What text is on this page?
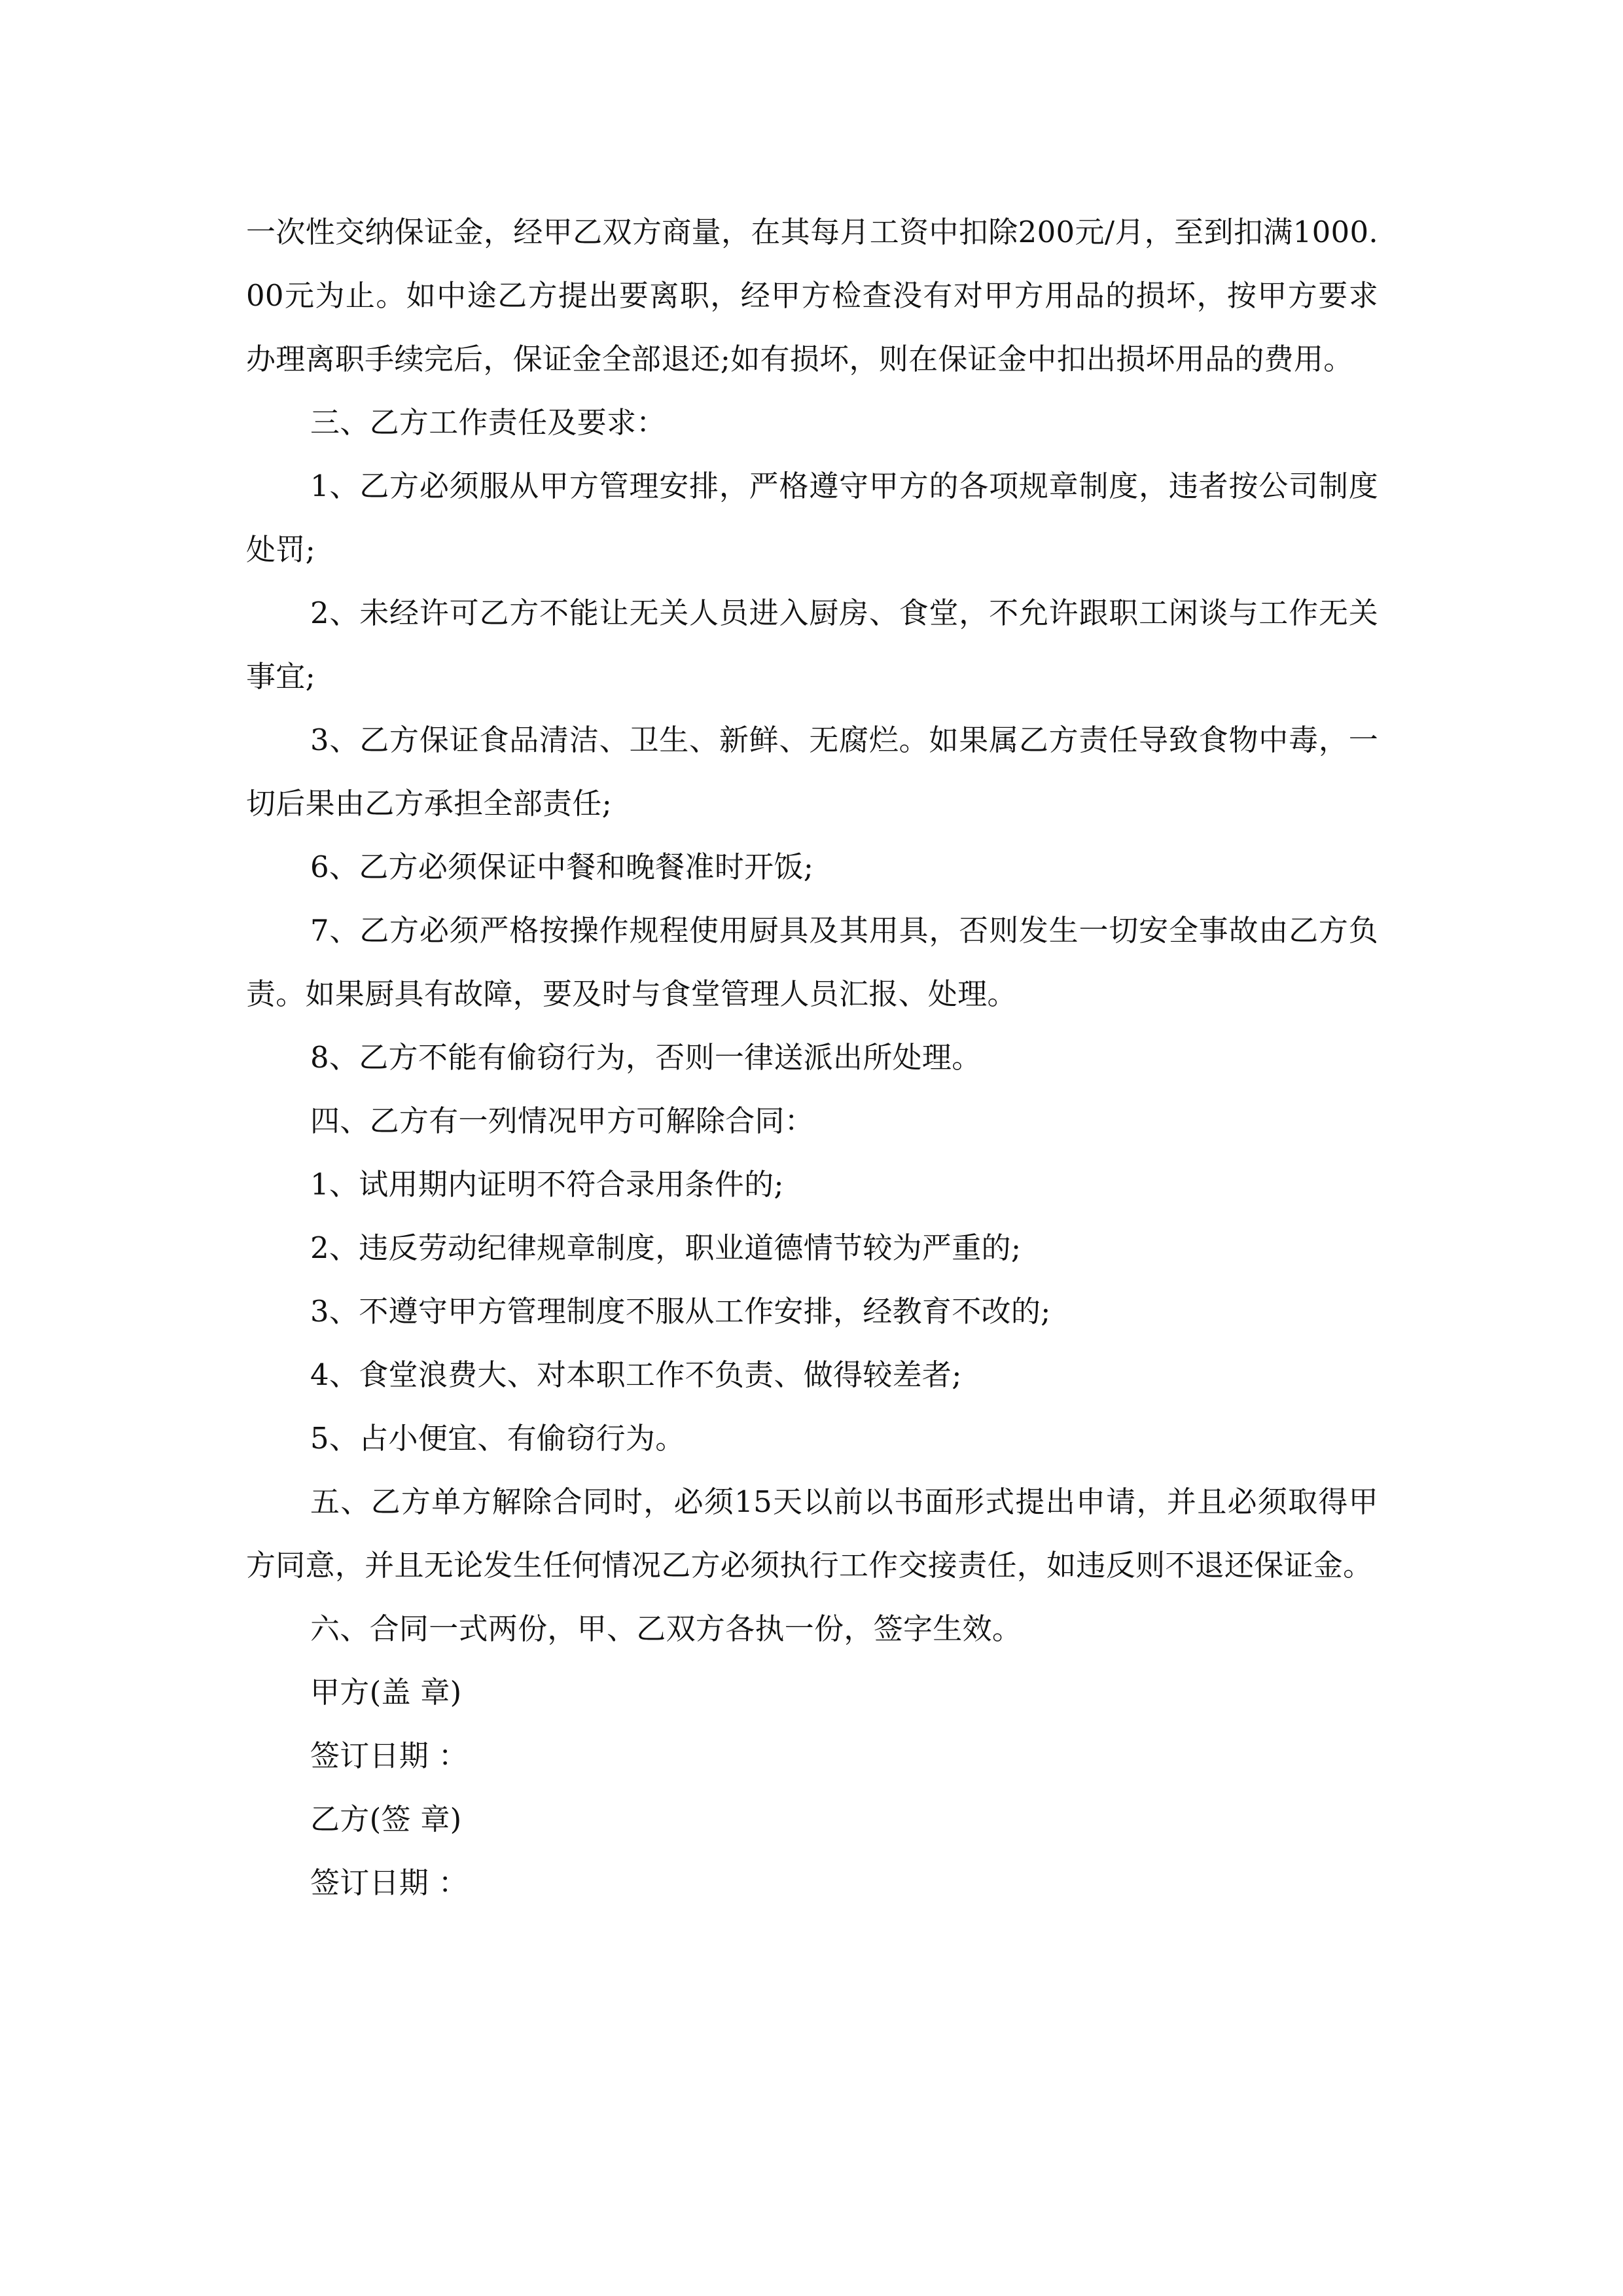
一次性交纳保证金，经甲乙双方商量，在其每月工资中扣除200元/月，至到扣满1000.00元为止。如中途乙方提出要离职，经甲方检查没有对甲方用品的损坏，按甲方要求办理离职手续完后，保证金全部退还;如有损坏，则在保证金中扣出损坏用品的费用。

三、乙方工作责任及要求：

1、乙方必须服从甲方管理安排，严格遵守甲方的各项规章制度，违者按公司制度处罚;

2、未经许可乙方不能让无关人员进入厨房、食堂，不允许跟职工闲谈与工作无关事宜;

3、乙方保证食品清洁、卫生、新鲜、无腐烂。如果属乙方责任导致食物中毒，一切后果由乙方承担全部责任;

6、乙方必须保证中餐和晚餐准时开饭;

7、乙方必须严格按操作规程使用厨具及其用具，否则发生一切安全事故由乙方负责。如果厨具有故障，要及时与食堂管理人员汇报、处理。

8、乙方不能有偷窃行为，否则一律送派出所处理。

四、乙方有一列情况甲方可解除合同：

1、试用期内证明不符合录用条件的;

2、违反劳动纪律规章制度，职业道德情节较为严重的;

3、不遵守甲方管理制度不服从工作安排，经教育不改的;

4、食堂浪费大、对本职工作不负责、做得较差者;

5、占小便宜、有偷窃行为。

五、乙方单方解除合同时，必须15天以前以书面形式提出申请，并且必须取得甲方同意，并且无论发生任何情况乙方必须执行工作交接责任，如违反则不退还保证金。

六、合同一式两份，甲、乙双方各执一份，签字生效。

甲方(盖 章)

签订日期 ：

乙方(签 章)

签订日期 ：
